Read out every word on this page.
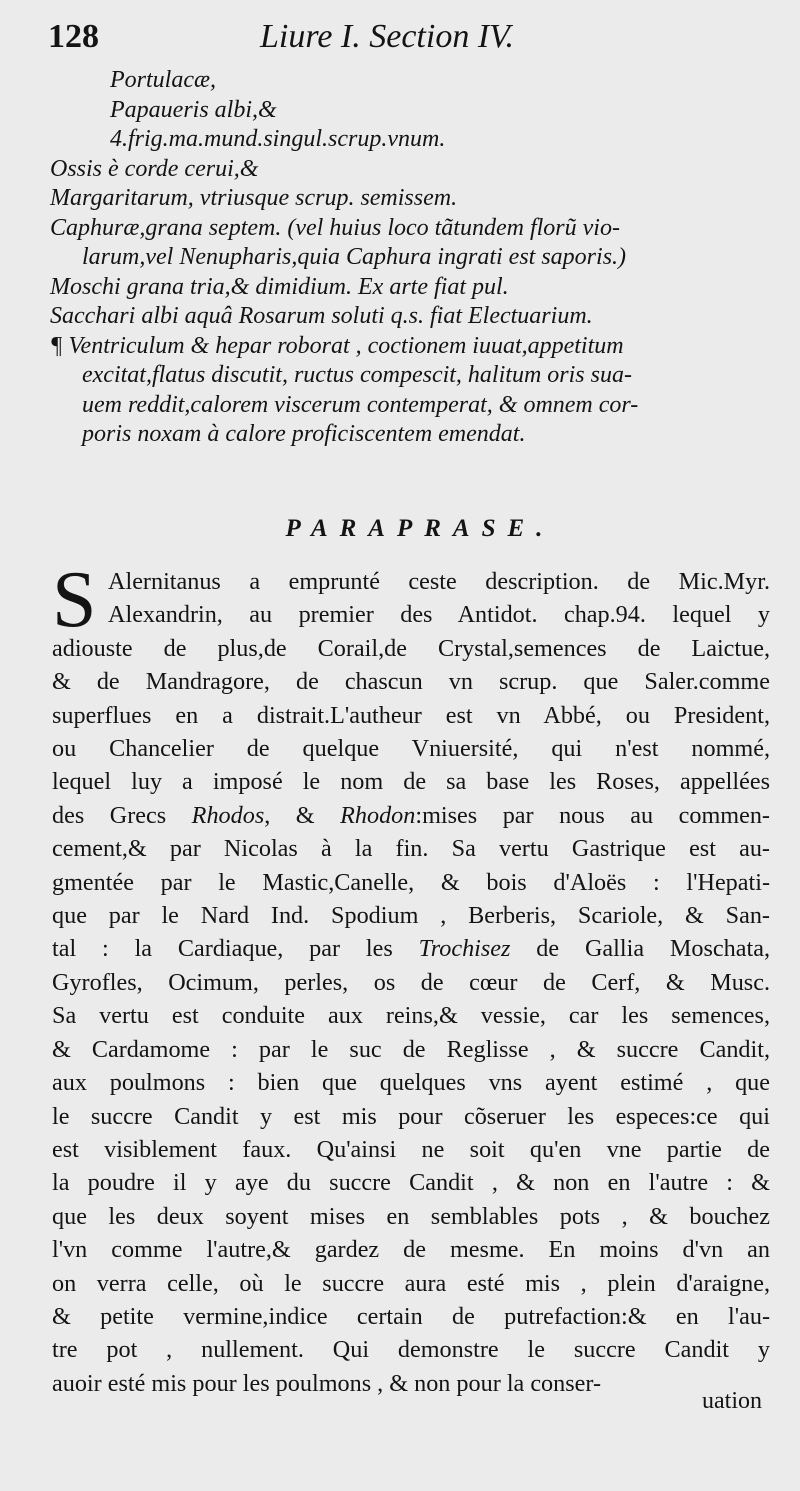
128	Liure I. Section IV.
Portulacæ,
Papaueris albi,&
4.frig.ma.mund.singul.scrup.vnum.
Ossis è corde cerui,&
Margaritarum, vtriusque scrup. semissem.
Caphuræ,grana septem. (vel huius loco tãtundem florũ vio-
larum,vel Nenupharis,quia Caphura ingrati est saporis.)
Moschi grana tria,& dimidium. Ex arte fiat pul.
Sacchari albi aquâ Rosarum soluti q.s. fiat Electuarium.
¶ Ventriculum & hepar roborat , coctionem iuuat,appetitum
excitat,flatus discutit, ructus compescit, halitum oris sua-
uem reddit,calorem viscerum contemperat, & omnem cor-
poris noxam à calore proficiscentem emendat.
PARAPRASE.
S Alernitanus a emprunté ceste description. de Mic.Myr.
Alexandrin, au premier des Antidot. chap.94. lequel y
adiouste de plus,de Corail,de Crystal,semences de Laictue,
& de Mandragore, de chascun vn scrup. que Saler.comme
superflues en a distrait.L'autheur est vn Abbé, ou President,
ou Chancelier de quelque Vniuersité, qui n'est nommé,
lequel luy a imposé le nom de sa base les Roses, appellées
des Grecs Rhodos, & Rhodon:mises par nous au commen-
cement,& par Nicolas à la fin. Sa vertu Gastrique est au-
gmentée par le Mastic,Canelle, & bois d'Aloës : l'Hepati-
que par le Nard Ind. Spodium , Berberis, Scariole, & San-
tal : la Cardiaque, par les Trochisez de Gallia Moschata,
Gyrofles, Ocimum, perles, os de cœur de Cerf, & Musc.
Sa vertu est conduite aux reins,& vessie, car les semences,
& Cardamome : par le suc de Reglisse , & succre Candit,
aux poulmons : bien que quelques vns ayent estimé , que
le succre Candit y est mis pour cõseruer les especes:ce qui
est visiblement faux. Qu'ainsi ne soit qu'en vne partie de
la poudre il y aye du succre Candit , & non en l'autre : &
que les deux soyent mises en semblables pots , & bouchez
l'vn comme l'autre,& gardez de mesme. En moins d'vn an
on verra celle, où le succre aura esté mis , plein d'araigne,
& petite vermine,indice certain de putrefaction:& en l'au-
tre pot , nullement. Qui demonstre le succre Candit y
auoir esté mis pour les poulmons , & non pour la conser-
uation
